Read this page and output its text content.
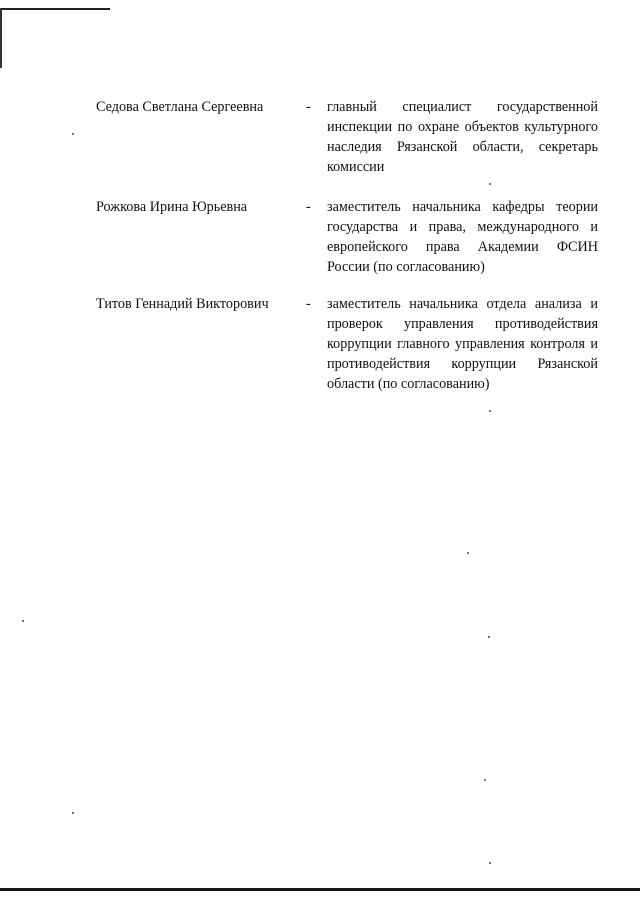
Седова Светлана Сергеевна	- главный специалист государственной инспекции по охране объектов культурного наследия Рязанской области, секретарь комиссии
Рожкова Ирина Юрьевна	- заместитель начальника кафедры теории государства и права, международного и европейского права Академии ФСИН России (по согласованию)
Титов Геннадий Викторович	- заместитель начальника отдела анализа и проверок управления противодействия коррупции главного управления контроля и противодействия коррупции Рязанской области (по согласованию)
